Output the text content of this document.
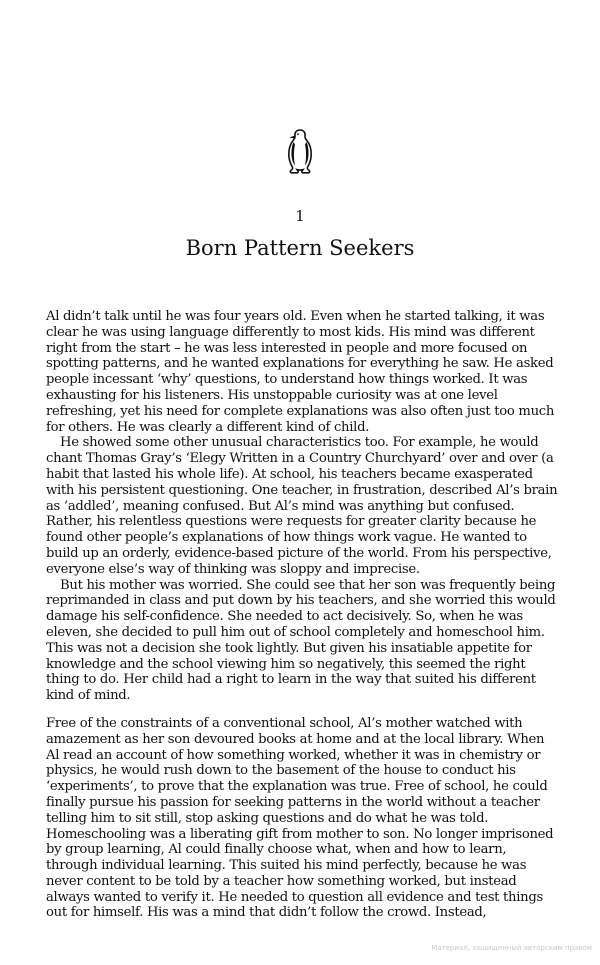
1
Born Pattern Seekers

Al didn’t talk until he was four years old. Even when he started talking, it was clear he was using language differently to most kids. His mind was different right from the start – he was less interested in people and more focused on spotting patterns, and he wanted explanations for everything he saw. He asked people incessant ‘why’ questions, to understand how things worked. It was exhausting for his listeners. His unstoppable curiosity was at one level refreshing, yet his need for complete explanations was also often just too much for others. He was clearly a different kind of child.

He showed some other unusual characteristics too. For example, he would chant Thomas Gray’s ‘Elegy Written in a Country Churchyard’ over and over (a habit that lasted his whole life). At school, his teachers became exasperated with his persistent questioning. One teacher, in frustration, described Al’s brain as ‘addled’, meaning confused. But Al’s mind was anything but confused. Rather, his relentless questions were requests for greater clarity because he found other people’s explanations of how things work vague. He wanted to build up an orderly, evidence-based picture of the world. From his perspective, everyone else’s way of thinking was sloppy and imprecise.

But his mother was worried. She could see that her son was frequently being reprimanded in class and put down by his teachers, and she worried this would damage his self-confidence. She needed to act decisively. So, when he was eleven, she decided to pull him out of school completely and homeschool him. This was not a decision she took lightly. But given his insatiable appetite for knowledge and the school viewing him so negatively, this seemed the right thing to do. Her child had a right to learn in the way that suited his different kind of mind.

Free of the constraints of a conventional school, Al’s mother watched with amazement as her son devoured books at home and at the local library. When Al read an account of how something worked, whether it was in chemistry or physics, he would rush down to the basement of the house to conduct his ‘experiments’, to prove that the explanation was true. Free of school, he could finally pursue his passion for seeking patterns in the world without a teacher telling him to sit still, stop asking questions and do what he was told. Homeschooling was a liberating gift from mother to son. No longer imprisoned by group learning, Al could finally choose what, when and how to learn, through individual learning. This suited his mind perfectly, because he was never content to be told by a teacher how something worked, but instead always wanted to verify it. He needed to question all evidence and test things out for himself. His was a mind that didn’t follow the crowd. Instead,

Материал, защищенный авторским правом
